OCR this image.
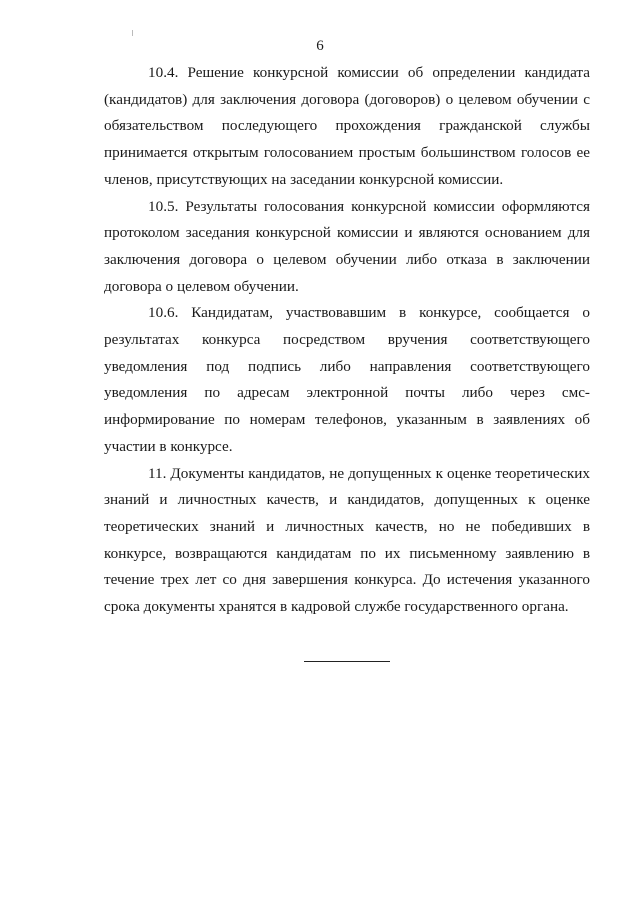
6

10.4. Решение конкурсной комиссии об определении кандидата (кандидатов) для заключения договора (договоров) о целевом обучении с обязательством последующего прохождения гражданской службы принимается открытым голосованием простым большинством голосов ее членов, присутствующих на заседании конкурсной комиссии.

10.5. Результаты голосования конкурсной комиссии оформляются протоколом заседания конкурсной комиссии и являются основанием для заключения договора о целевом обучении либо отказа в заключении договора о целевом обучении.

10.6. Кандидатам, участвовавшим в конкурсе, сообщается о результатах конкурса посредством вручения соответствующего уведомления под подпись либо направления соответствующего уведомления по адресам электронной почты либо через смс-информирование по номерам телефонов, указанным в заявлениях об участии в конкурсе.

11. Документы кандидатов, не допущенных к оценке теоретических знаний и личностных качеств, и кандидатов, допущенных к оценке теоретических знаний и личностных качеств, но не победивших в конкурсе, возвращаются кандидатам по их письменному заявлению в течение трех лет со дня завершения конкурса. До истечения указанного срока документы хранятся в кадровой службе государственного органа.
